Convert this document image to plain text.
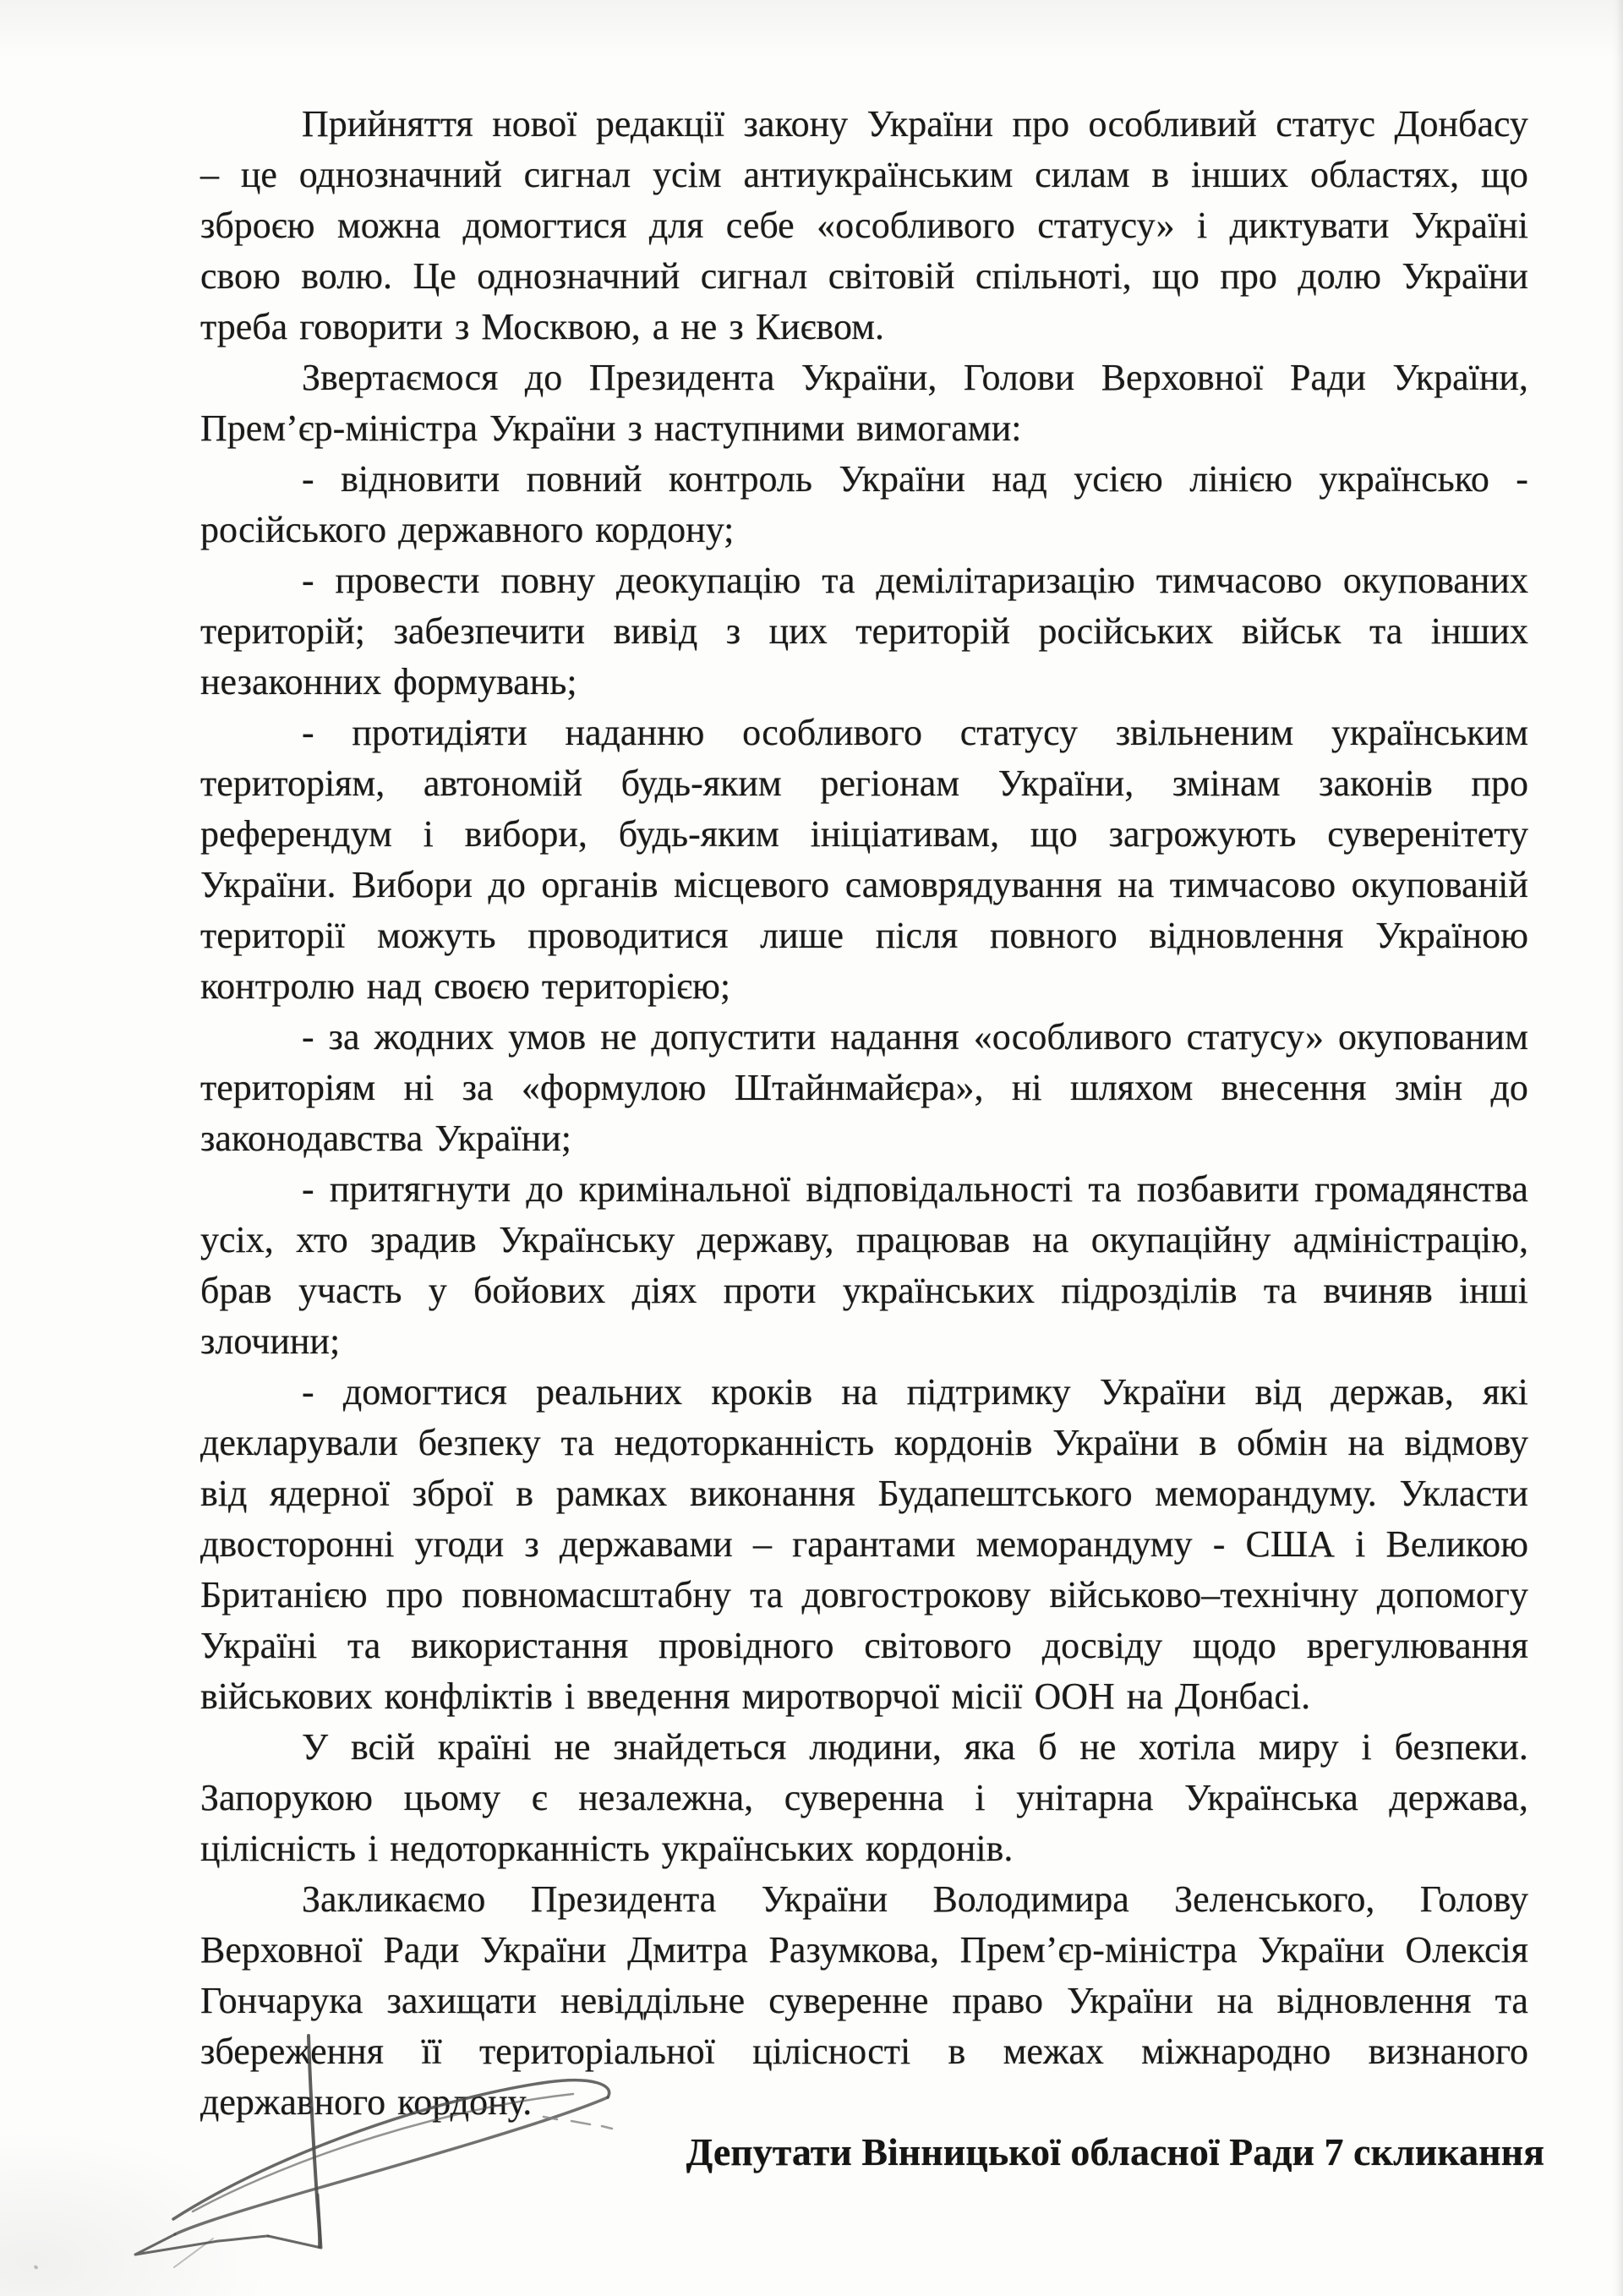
Прийняття нової редакції закону України про особливий статус Донбасу
– це однозначний сигнал усім антиукраїнським силам в інших областях, що
зброєю можна домогтися для себе «особливого статусу» і диктувати Україні
свою волю. Це однозначний сигнал світовій спільноті, що про долю України
треба говорити з Москвою, а не з Києвом.
Звертаємося до Президента України, Голови Верховної Ради України,
Прем’єр-міністра України з наступними вимогами:
- відновити повний контроль України над усією лінією українсько -
російського державного кордону;
- провести повну деокупацію та демілітаризацію тимчасово окупованих
територій; забезпечити вивід з цих територій російських військ та інших
незаконних формувань;
- протидіяти наданню особливого статусу звільненим українським
територіям, автономій будь-яким регіонам України, змінам законів про
референдум і вибори, будь-яким ініціативам, що загрожують суверенітету
України. Вибори до органів місцевого самоврядування на тимчасово окупованій
території можуть проводитися лише після повного відновлення Україною
контролю над своєю територією;
- за жодних умов не допустити надання «особливого статусу» окупованим
територіям ні за «формулою Штайнмайєра», ні шляхом внесення змін до
законодавства України;
- притягнути до кримінальної відповідальності та позбавити громадянства
усіх, хто зрадив Українську державу, працював на окупаційну адміністрацію,
брав участь у бойових діях проти українських підрозділів та вчиняв інші
злочини;
- домогтися реальних кроків на підтримку України від держав, які
декларували безпеку та недоторканність кордонів України в обмін на відмову
від ядерної зброї в рамках виконання Будапештського меморандуму. Укласти
двосторонні угоди з державами – гарантами меморандуму - США і Великою
Британією про повномасштабну та довгострокову військово–технічну допомогу
Україні та використання провідного світового досвіду щодо врегулювання
військових конфліктів і введення миротворчої місії ООН на Донбасі.
У всій країні не знайдеться людини, яка б не хотіла миру і безпеки.
Запорукою цьому є незалежна, суверенна і унітарна Українська держава,
цілісність і недоторканність українських кордонів.
Закликаємо Президента України Володимира Зеленського, Голову
Верховної Ради України Дмитра Разумкова, Прем’єр-міністра України Олексія
Гончарука захищати невіддільне суверенне право України на відновлення та
збереження її територіальної цілісності в межах міжнародно визнаного
державного кордону.
Депутати Вінницької обласної Ради 7 скликання
